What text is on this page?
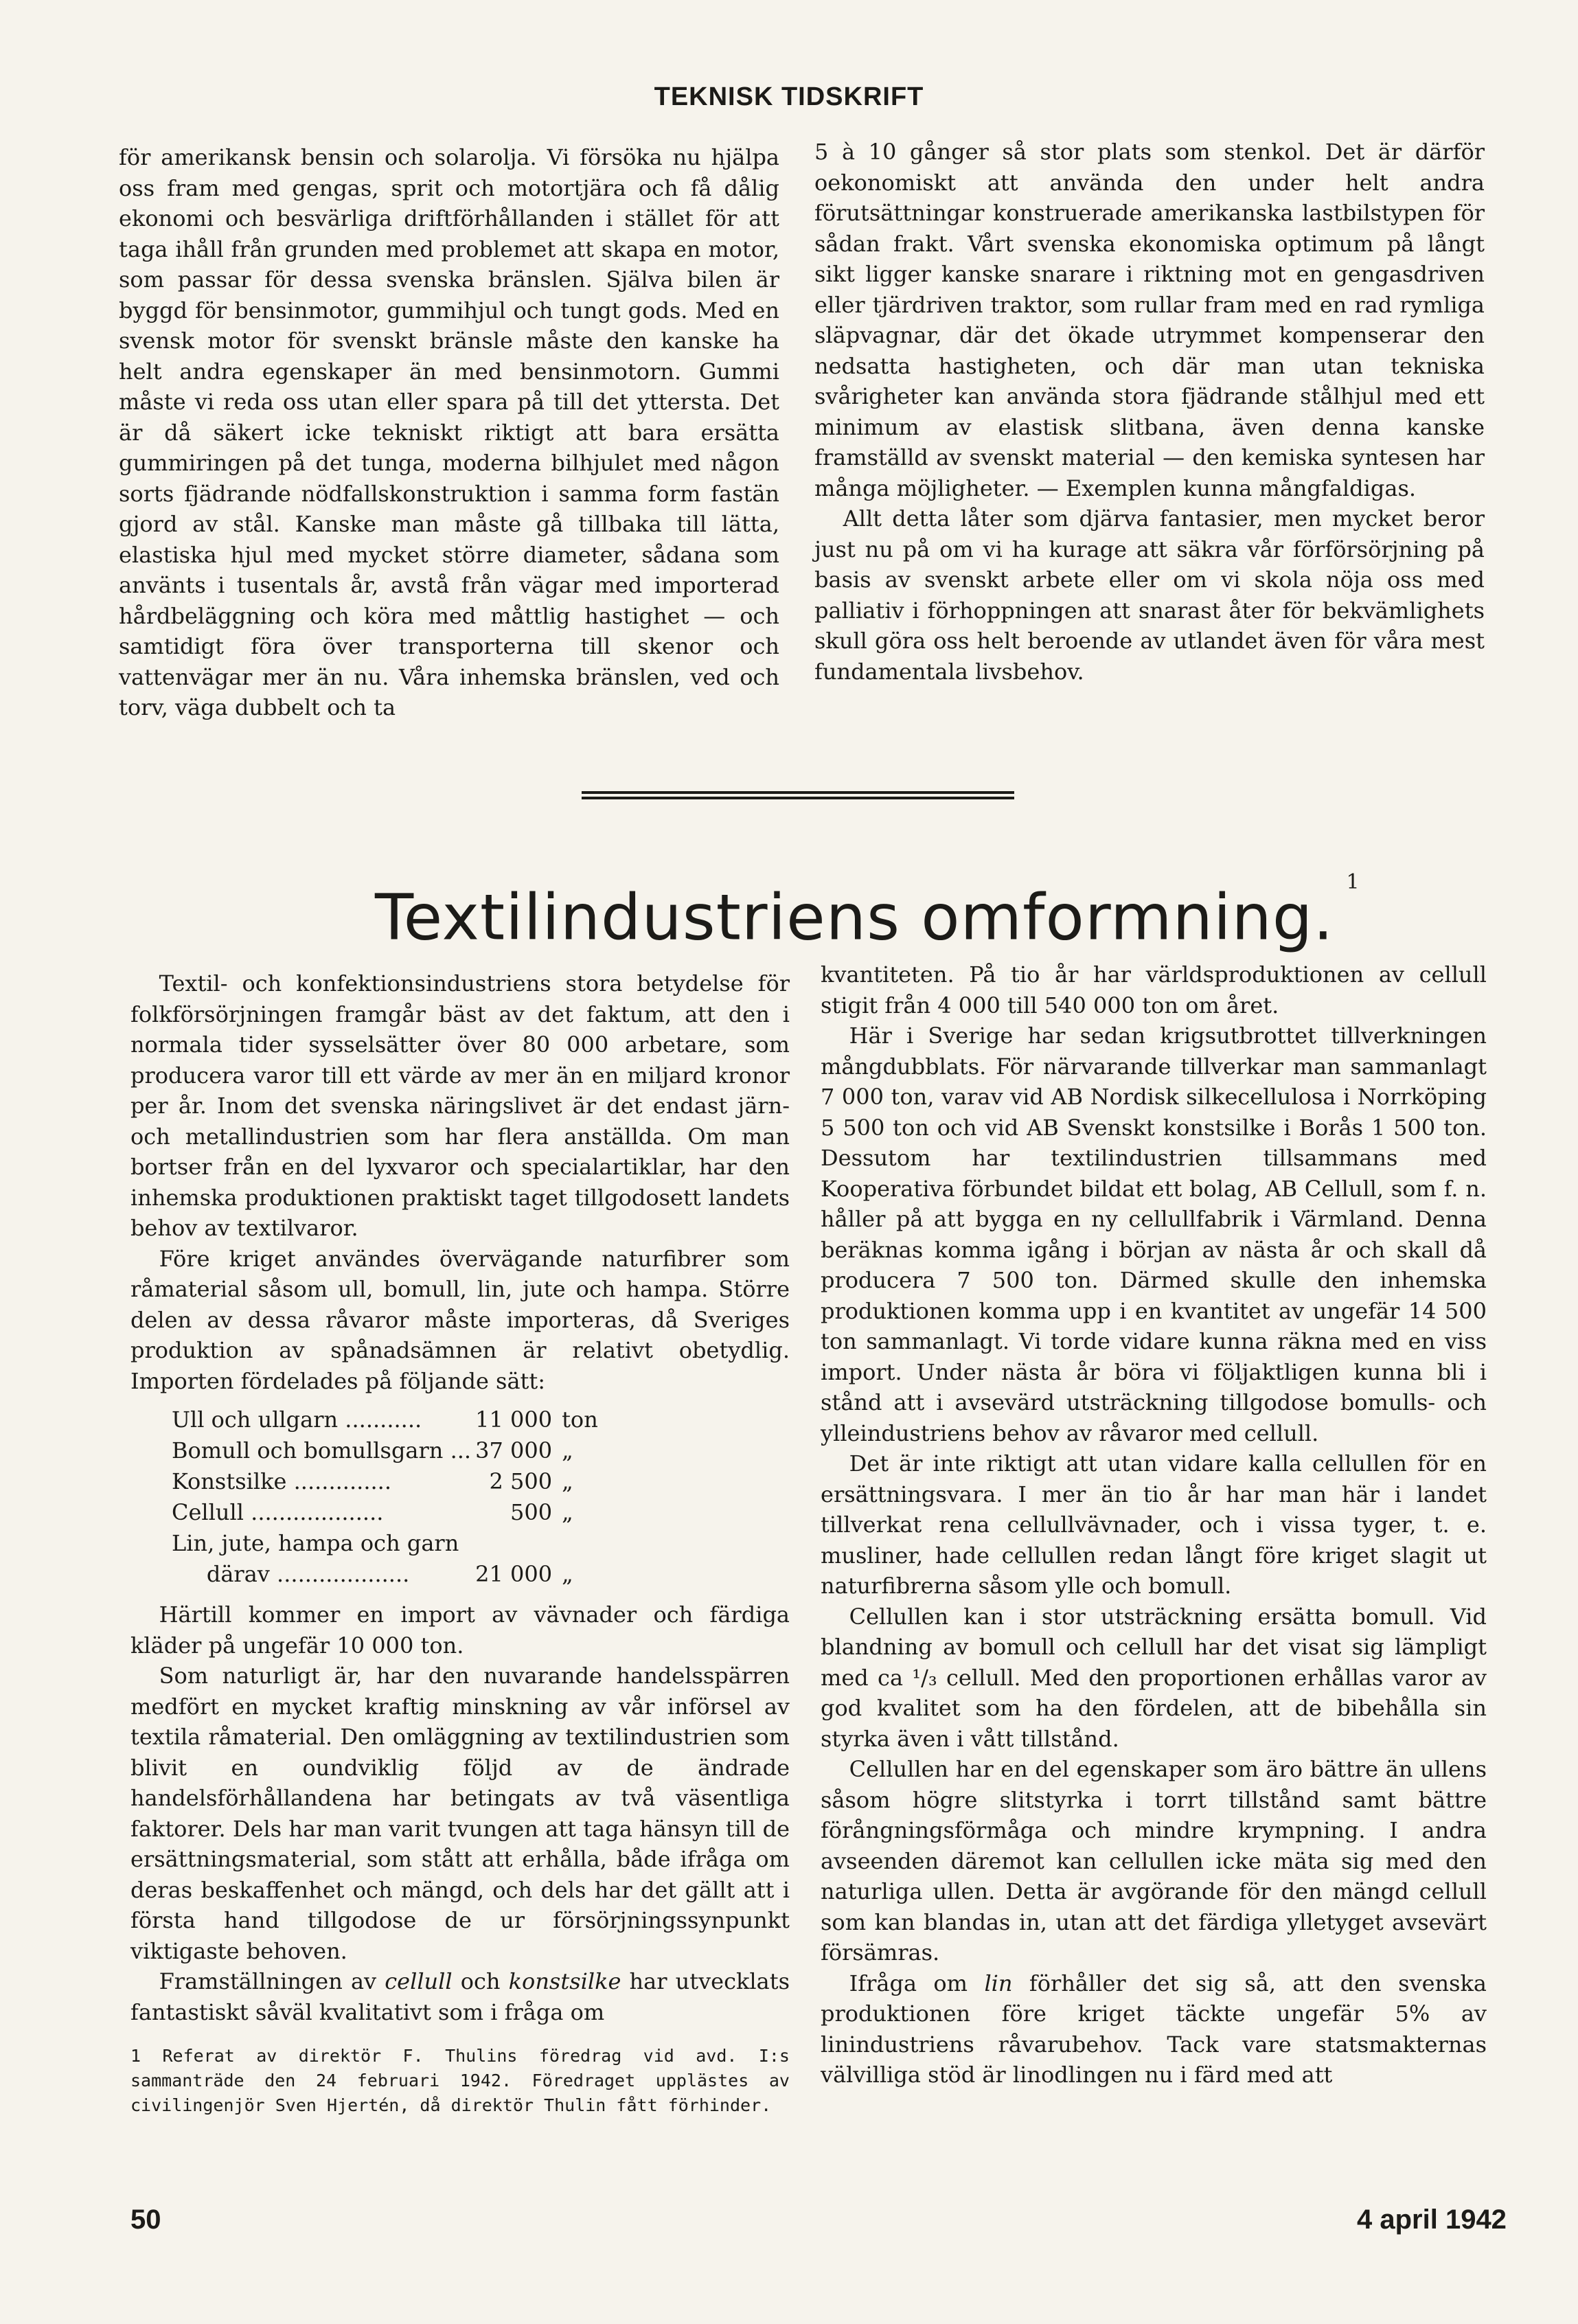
TEKNISK TIDSKRIFT

för amerikansk bensin och solarolja. Vi försöka nu hjälpa oss fram med gengas, sprit och motortjära och få dålig ekonomi och besvärliga driftförhållanden i stället för att taga ihåll från grunden med problemet att skapa en motor, som passar för dessa svenska bränslen. Själva bilen är byggd för bensinmotor, gummihjul och tungt gods. Med en svensk motor för svenskt bränsle måste den kanske ha helt andra egenskaper än med bensinmotorn. Gummi måste vi reda oss utan eller spara på till det yttersta. Det är då säkert icke tekniskt riktigt att bara ersätta gummiringen på det tunga, moderna bilhjulet med någon sorts fjädrande nödfallskonstruktion i samma form fastän gjord av stål. Kanske man måste gå tillbaka till lätta, elastiska hjul med mycket större diameter, sådana som använts i tusentals år, avstå från vägar med importerad hårdbeläggning och köra med måttlig hastighet — och samtidigt föra över transporterna till skenor och vattenvägar mer än nu. Våra inhemska bränslen, ved och torv, väga dubbelt och ta

5 à 10 gånger så stor plats som stenkol. Det är därför oekonomiskt att använda den under helt andra förutsättningar konstruerade amerikanska lastbilstypen för sådan frakt. Vårt svenska ekonomiska optimum på långt sikt ligger kanske snarare i riktning mot en gengasdriven eller tjärdriven traktor, som rullar fram med en rad rymliga släpvagnar, där det ökade utrymmet kompenserar den nedsatta hastigheten, och där man utan tekniska svårigheter kan använda stora fjädrande stålhjul med ett minimum av elastisk slitbana, även denna kanske framställd av svenskt material — den kemiska syntesen har många möjligheter. — Exemplen kunna mångfaldigas.

Allt detta låter som djärva fantasier, men mycket beror just nu på om vi ha kurage att säkra vår förförsörjning på basis av svenskt arbete eller om vi skola nöja oss med palliativ i förhoppningen att snarast åter för bekvämlighets skull göra oss helt beroende av utlandet även för våra mest fundamentala livsbehov.

Textilindustriens omformning. $^1$

Textil- och konfektionsindustriens stora betydelse för folkförsörjningen framgår bäst av det faktum, att den i normala tider sysselsätter över 80 000 arbetare, som producera varor till ett värde av mer än en miljard kronor per år. Inom det svenska näringslivet är det endast järn- och metallindustrien som har flera anställda. Om man bortser från en del lyxvaror och specialartiklar, har den inhemska produktionen praktiskt taget tillgodosett landets behov av textilvaror.

Före kriget användes övervägande naturfibrer som råmaterial såsom ull, bomull, lin, jute och hampa. Större delen av dessa råvaror måste importeras, då Sveriges produktion av spånadsämnen är relativt obetydlig. Importen fördelades på följande sätt:

Ull och ullgarn ...........	11 000	ton
Bomull och bomullsgarn ...	37 000	„
Konstsilke ..............	2 500	„
Cellull ...................	500	„
Lin, jute, hampa och garn		
därav ...................	21 000	„

Härtill kommer en import av vävnader och färdiga kläder på ungefär 10 000 ton.

Som naturligt är, har den nuvarande handelsspärren medfört en mycket kraftig minskning av vår införsel av textila råmaterial. Den omläggning av textilindustrien som blivit en oundviklig följd av de ändrade handelsförhållandena har betingats av två väsentliga faktorer. Dels har man varit tvungen att taga hänsyn till de ersättningsmaterial, som stått att erhålla, både ifråga om deras beskaffenhet och mängd, och dels har det gällt att i första hand tillgodose de ur försörjningssynpunkt viktigaste behoven.

Framställningen av cellull och konstsilke har utvecklats fantastiskt såväl kvalitativt som i fråga om

1 Referat av direktör F. Thulins föredrag vid avd. I:s sammanträde den 24 februari 1942. Föredraget upplästes av civilingenjör Sven Hjertén, då direktör Thulin fått förhinder.

kvantiteten. På tio år har världsproduktionen av cellull stigit från 4 000 till 540 000 ton om året.

Här i Sverige har sedan krigsutbrottet tillverkningen mångdubblats. För närvarande tillverkar man sammanlagt 7 000 ton, varav vid AB Nordisk silkecellulosa i Norrköping 5 500 ton och vid AB Svenskt konstsilke i Borås 1 500 ton. Dessutom har textilindustrien tillsammans med Kooperativa förbundet bildat ett bolag, AB Cellull, som f. n. håller på att bygga en ny cellullfabrik i Värmland. Denna beräknas komma igång i början av nästa år och skall då producera 7 500 ton. Därmed skulle den inhemska produktionen komma upp i en kvantitet av ungefär 14 500 ton sammanlagt. Vi torde vidare kunna räkna med en viss import. Under nästa år böra vi följaktligen kunna bli i stånd att i avsevärd utsträckning tillgodose bomulls- och ylleindustriens behov av råvaror med cellull.

Det är inte riktigt att utan vidare kalla cellullen för en ersättningsvara. I mer än tio år har man här i landet tillverkat rena cellullvävnader, och i vissa tyger, t. e. musliner, hade cellullen redan långt före kriget slagit ut naturfibrerna såsom ylle och bomull.

Cellullen kan i stor utsträckning ersätta bomull. Vid blandning av bomull och cellull har det visat sig lämpligt med ca ¹/₃ cellull. Med den proportionen erhållas varor av god kvalitet som ha den fördelen, att de bibehålla sin styrka även i vått tillstånd.

Cellullen har en del egenskaper som äro bättre än ullens såsom högre slitstyrka i torrt tillstånd samt bättre förångningsförmåga och mindre krympning. I andra avseenden däremot kan cellullen icke mäta sig med den naturliga ullen. Detta är avgörande för den mängd cellull som kan blandas in, utan att det färdiga ylletyget avsevärt försämras.

Ifråga om lin förhåller det sig så, att den svenska produktionen före kriget täckte ungefär 5% av linindustriens råvarubehov. Tack vare statsmakternas välvilliga stöd är linodlingen nu i färd med att

50	4 april 1942
